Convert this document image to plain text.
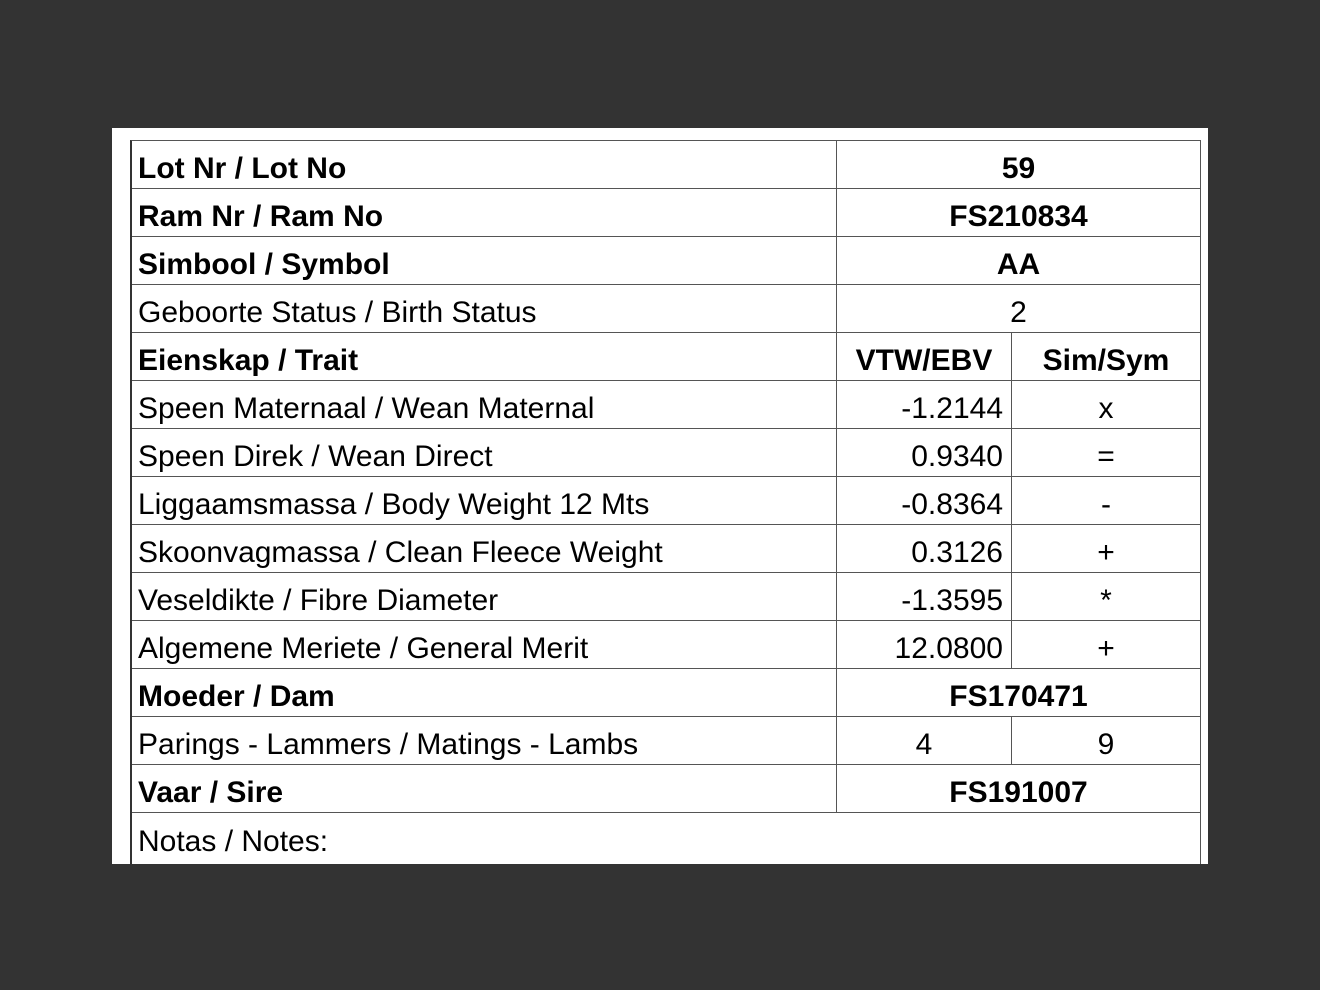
Lot Nr / Lot No	59
Ram Nr / Ram No	FS210834
Simbool / Symbol	AA
Geboorte Status / Birth Status	2
Eienskap / Trait	VTW/EBV	Sim/Sym
Speen Maternaal / Wean Maternal	-1.2144	x
Speen Direk / Wean Direct	0.9340	=
Liggaamsmassa / Body Weight 12 Mts	-0.8364	-
Skoonvagmassa / Clean Fleece Weight	0.3126	+
Veseldikte / Fibre Diameter	-1.3595	*
Algemene Meriete / General Merit	12.0800	+
Moeder / Dam	FS170471
Parings - Lammers / Matings - Lambs	4	9
Vaar / Sire	FS191007
Notas / Notes:
